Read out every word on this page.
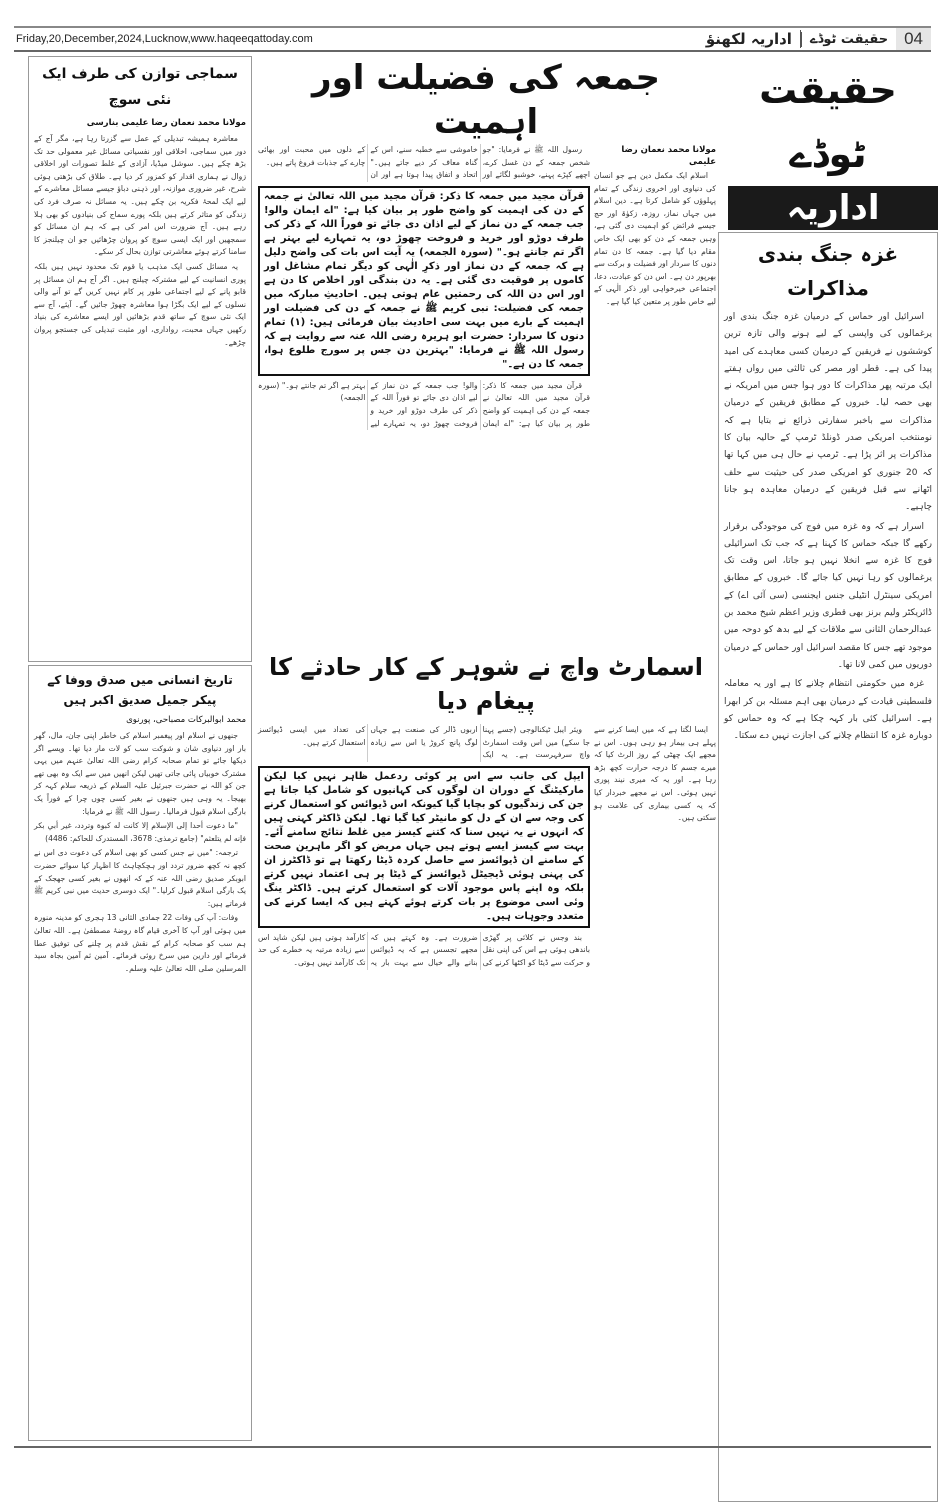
Friday,20,December,2024,Lucknow,www.haqeeqattoday.com	04
حقیقت ٹوڈے
اداریہ لکھنؤ
حقیقت ٹوڈے
اداریہ
غزہ جنگ بندی مذاکرات

اسرائیل اور حماس کے درمیان غزہ جنگ بندی اور یرغمالوں کی واپسی کے لیے ہونے والی تازہ ترین کوششوں نے فریقین کے درمیان کسی معاہدے کی امید پیدا کی ہے۔ قطر اور مصر کی ثالثی میں رواں ہفتے ایک مرتبہ پھر مذاکرات کا دور ہوا جس میں امریکہ نے بھی حصہ لیا۔ خبروں کے مطابق فریقین کے درمیان مذاکرات سے باخبر سفارتی ذرائع نے بتایا ہے کہ نومنتخب امریکی صدر ڈونلڈ ٹرمپ کے حالیہ بیان کا مذاکرات پر اثر پڑا ہے۔ ٹرمپ نے حال ہی میں کہا تھا کہ 20 جنوری کو امریکی صدر کی حیثیت سے حلف اٹھانے سے قبل فریقین کے درمیان معاہدہ ہو جانا چاہیے۔

اسرار ہے کہ وہ غزہ میں فوج کی موجودگی برقرار رکھے گا جبکہ حماس کا کہنا ہے کہ جب تک اسرائیلی فوج کا غزہ سے انخلا نہیں ہو جاتا، اس وقت تک یرغمالوں کو رہا نہیں کیا جائے گا۔ خبروں کے مطابق امریکی سینٹرل انٹیلی جنس ایجنسی (سی آئی اے) کے ڈائریکٹر ولیم برنز بھی قطری وزیر اعظم شیخ محمد بن عبدالرحمان الثانی سے ملاقات کے لیے بدھ کو دوحہ میں موجود تھے جس کا مقصد اسرائیل اور حماس کے درمیان دوریوں میں کمی لانا تھا۔

غزہ میں حکومتی انتظام چلانے کا ہے اور یہ معاملہ فلسطینی قیادت کے درمیان بھی اہم مسئلہ بن کر ابھرا ہے۔ اسرائیل کئی بار کہہ چکا ہے کہ وہ حماس کو دوبارہ غزہ کا انتظام چلانے کی اجازت نہیں دے سکتا۔

سماجی توازن کی طرف ایک نئی سوچ
مولانا محمد نعمان رضا علیمی بنارسی

معاشرہ ہمیشہ تبدیلی کے عمل سے گزرتا رہا ہے، مگر آج کے دور میں سماجی، اخلاقی اور نفسیاتی مسائل غیر معمولی حد تک بڑھ چکے ہیں۔ سوشل میڈیا، آزادی کے غلط تصورات اور اخلاقی زوال نے ہماری اقدار کو کمزور کر دیا ہے۔ طلاق کی بڑھتی ہوئی شرح، غیر ضروری موازنہ، اور ذہنی دباؤ جیسے مسائل معاشرے کے لیے ایک لمحۂ فکریہ بن چکے ہیں۔ یہ مسائل نہ صرف فرد کی زندگی کو متاثر کرتے ہیں بلکہ پورے سماج کی بنیادوں کو بھی ہلا رہے ہیں۔ آج ضرورت اس امر کی ہے کہ ہم ان مسائل کو سمجھیں اور ایک ایسی سوچ کو پروان چڑھائیں جو ان چیلنجز کا سامنا کرتے ہوئے معاشرتی توازن بحال کر سکے۔

یہ مسائل کسی ایک مذہب یا قوم تک محدود نہیں ہیں بلکہ پوری انسانیت کے لیے مشترکہ چیلنج ہیں۔ اگر آج ہم ان مسائل پر قابو پانے کے لیے اجتماعی طور پر کام نہیں کریں گے تو آنے والی نسلوں کے لیے ایک بگڑا ہوا معاشرہ چھوڑ جائیں گے۔ آیئے، آج سے ایک نئی سوچ کے ساتھ قدم بڑھائیں اور ایسے معاشرے کی بنیاد رکھیں جہاں محبت، رواداری، اور مثبت تبدیلی کی جستجو پروان چڑھے۔

تاریخ انسانی میں صدق ووفا کے پیکر جمیل صدیق اکبر ہیں
محمد ابوالبرکات مصباحی، پورنوی

جنھوں نے اسلام اور پیغمبر اسلام کی خاطر اپنی جان، مال، گھر بار اور دنیاوی شان و شوکت سب کو لات مار دیا تھا۔ ویسے اگر دیکھا جائے تو تمام صحابہ کرام رضی اللہ تعالیٰ عنہم میں یہی مشترک خوبیاں پائی جاتی تھیں لیکن انھیں میں سے ایک وہ بھی تھے جن کو اللہ نے حضرت جبرئیل علیہ السلام کے ذریعہ سلام کہہ کر بھیجا۔ یہ وہی ہیں جنھوں نے بغیر کسی چوں چرا کے فوراً یک بارگی اسلام قبول فرمالیا۔ رسول اللہ ﷺ نے فرمایا:

"ما دعوت أحدا إلى الإسلام إلا كانت له كبوة وتردد، غير أبي بكر فإنه لم يتلعثم" (جامع ترمذی: 3678، المستدرک للحاکم: 4486)

ترجمہ: "میں نے جس کسی کو بھی اسلام کی دعوت دی اس نے کچھ نہ کچھ ضرور تردد اور ہچکچاہٹ کا اظہار کیا سوائے حضرت ابوبکر صدیق رضی اللہ عنہ کے کہ انھوں نے بغیر کسی جھجک کے یک بارگی اسلام قبول کرلیا۔" ایک دوسری حدیث میں نبی کریم ﷺ فرماتے ہیں:

وفات: آپ کی وفات 22 جمادی الثانی 13 ہجری کو مدینہ منورہ میں ہوئی اور آپ کا آخری قیام گاہ روضۂ مصطفیٰ ہے۔ اللہ تعالیٰ ہم سب کو صحابہ کرام کے نقش قدم پر چلنے کی توفیق عطا فرمائے اور دارین میں سرخ روئی فرمائے۔ آمین ثم آمین بجاہ سید المرسلین صلی اللہ تعالیٰ علیہ وسلم۔

جمعہ کی فضیلت اور اہمیت
مولانا محمد نعمان رضا علیمی

اسلام ایک مکمل دین ہے جو انسان کی دنیاوی اور اخروی زندگی کے تمام پہلوؤں کو شامل کرتا ہے۔ دین اسلام میں جہاں نماز، روزہ، زکوٰۃ اور حج جیسے فرائض کو اہمیت دی گئی ہے، وہیں جمعہ کے دن کو بھی ایک خاص مقام دیا گیا ہے۔ جمعہ کا دن تمام دنوں کا سردار اور فضیلت و برکت سے بھرپور دن ہے۔ اس دن کو عبادت، دعا، اجتماعی خیرخواہی اور ذکر الٰہی کے لیے خاص طور پر متعین کیا گیا ہے۔

رسول اللہ ﷺ نے فرمایا: "جو شخص جمعہ کے دن غسل کرے، اچھے کپڑے پہنے، خوشبو لگائے اور خاموشی سے خطبہ سنے، اس کے گناہ معاف کر دیے جاتے ہیں۔" اتحاد و اتفاق پیدا ہوتا ہے اور ان کے دلوں میں محبت اور بھائی چارے کے جذبات فروغ پاتے ہیں۔

قرآن مجید میں جمعہ کا ذکر: قرآن مجید میں اللہ تعالیٰ نے جمعہ کے دن کی اہمیت کو واضح طور پر بیان کیا ہے: "اے ایمان والو! جب جمعہ کے دن نماز کے لیے اذان دی جائے تو فوراً اللہ کے ذکر کی طرف دوڑو اور خرید و فروخت چھوڑ دو، یہ تمہارے لیے بہتر ہے اگر تم جانتے ہو۔" (سورہ الجمعہ) یہ آیت اس بات کی واضح دلیل ہے کہ جمعہ کے دن نماز اور ذکرِ الٰہی کو دیگر تمام مشاغل اور کاموں پر فوقیت دی گئی ہے۔ یہ دن بندگی اور اخلاص کا دن ہے اور اس دن اللہ کی رحمتیں عام ہوتی ہیں۔ احادیثِ مبارکہ میں جمعہ کی فضیلت: نبی کریم ﷺ نے جمعہ کے دن کی فضیلت اور اہمیت کے بارے میں بہت سی احادیث بیان فرمائی ہیں: (۱) تمام دنوں کا سردار: حضرت ابو ہریرہ رضی اللہ عنہ سے روایت ہے کہ رسول اللہ ﷺ نے فرمایا: "بہترین دن جس پر سورج طلوع ہوا، جمعہ کا دن ہے۔"

قرآن مجید میں جمعہ کا ذکر: قرآن مجید میں اللہ تعالیٰ نے جمعہ کے دن کی اہمیت کو واضح طور پر بیان کیا ہے: "اے ایمان والو! جب جمعہ کے دن نماز کے لیے اذان دی جائے تو فوراً اللہ کے ذکر کی طرف دوڑو اور خرید و فروخت چھوڑ دو، یہ تمہارے لیے بہتر ہے اگر تم جانتے ہو۔" (سورہ الجمعہ)

اسمارٹ واچ نے شوہر کے کار حادثے کا پیغام دیا

ایسا لگتا ہے کہ میں ایسا کرنے سے پہلے ہی بیمار ہو رہی ہوں۔ اس نے مجھے ایک چھٹی کے روز الرٹ کیا کہ میرے جسم کا درجہ حرارت کچھ بڑھ رہا ہے۔ اور یہ کہ میری نیند پوری نہیں ہوئی۔ اس نے مجھے خبردار کیا کہ یہ کسی بیماری کی علامت ہو سکتی ہیں۔

ویئر ایبل ٹیکنالوجی (جسے پہنا جا سکے) میں اس وقت اسمارٹ واچ سرفہرست ہے۔ یہ ایک اربوں ڈالر کی صنعت ہے جہاں لوگ پانچ کروڑ یا اس سے زیادہ کی تعداد میں ایسی ڈیوائسز استعمال کرتے ہیں۔

ایپل کی جانب سے اس پر کوئی ردعمل ظاہر نہیں کیا لیکن مارکیٹنگ کے دوران ان لوگوں کی کہانیوں کو شامل کیا جاتا ہے جن کی زندگیوں کو بچایا گیا کیونکہ اس ڈیوائس کو استعمال کرنے کی وجہ سے ان کے دل کو مانیٹر کیا گیا تھا۔ لیکن ڈاکٹر کہتی ہیں کہ انہوں نے یہ نہیں سنا کہ کتنے کیسز میں غلط نتائج سامنے آئے۔ بہت سے کیسز ایسے ہوتے ہیں جہاں مریض کو اگر ماہرین صحت کے سامنے ان ڈیوائسز سے حاصل کردہ ڈیٹا رکھتا ہے تو ڈاکٹرز ان کی پہنی ہوئی ڈیجیٹل ڈیوائسز کے ڈیٹا پر ہی اعتماد نہیں کرتے بلکہ وہ اپنے پاس موجود آلات کو استعمال کرتے ہیں۔ ڈاکٹر ینگ وئی اسی موضوع پر بات کرتے ہوئے کہتے ہیں کہ ایسا کرنے کی متعدد وجوہات ہیں۔

بند وجس نے کلائی پر گھڑی باندھی ہوئی ہے اس کی اپنی نقل و حرکت سے ڈیٹا کو اکٹھا کرنے کی ضرورت ہے۔ وہ کہتے ہیں کہ مجھے تجسس ہے کہ یہ ڈیوائس بنانے والے خیال سے بہت بار یہ کارآمد ہوتی ہیں لیکن شاید اس سے زیادہ مرتبہ یہ خطرے کی حد تک کارآمد نہیں ہوتی۔
